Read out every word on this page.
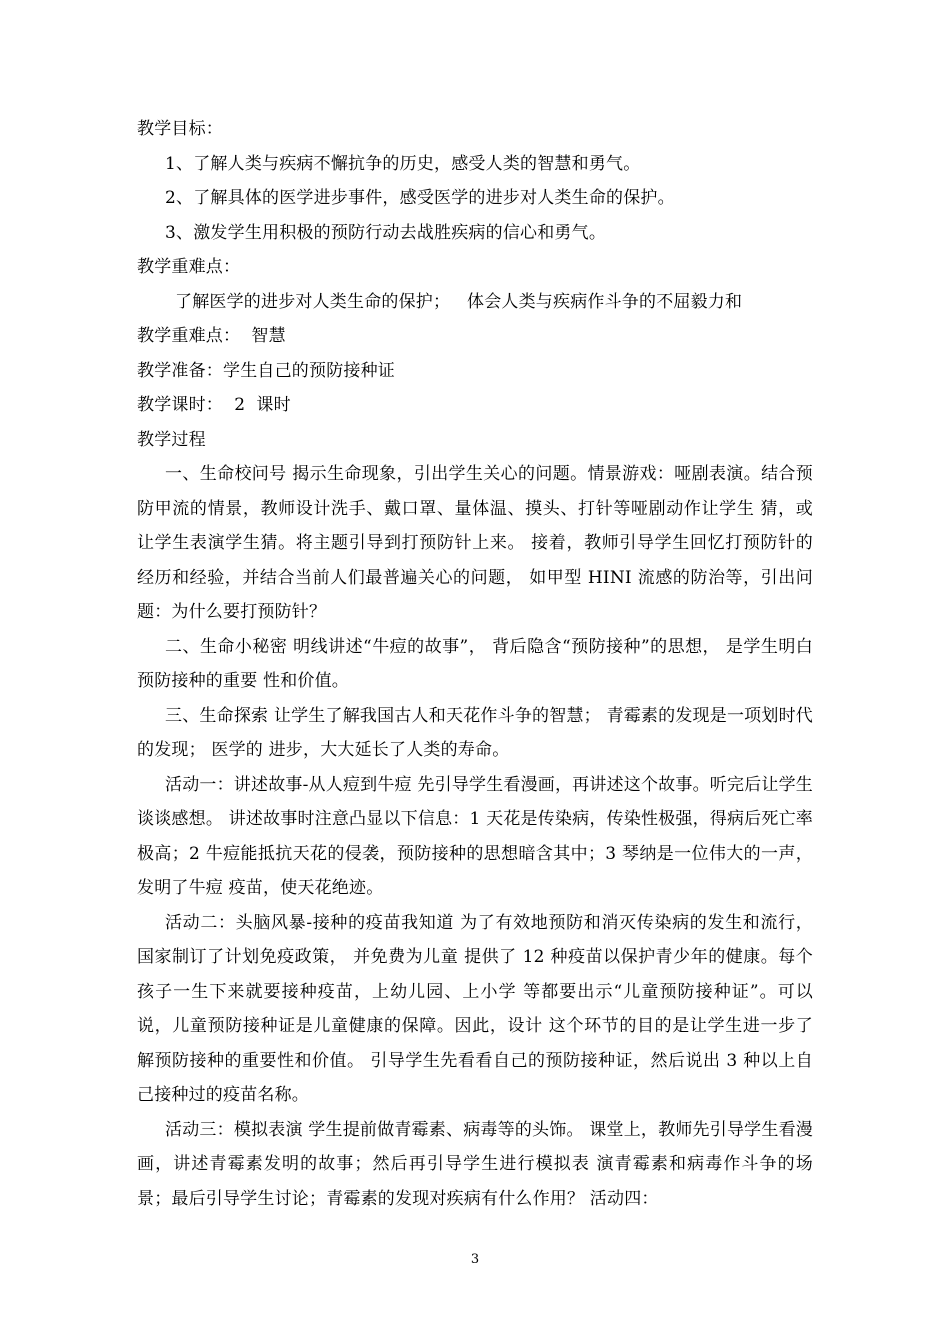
教学目标：

1、了解人类与疾病不懈抗争的历史，感受人类的智慧和勇气。

2、了解具体的医学进步事件，感受医学的进步对人类生命的保护。

3、激发学生用积极的预防行动去战胜疾病的信心和勇气。

教学重难点：

了解医学的进步对人类生命的保护；   体会人类与疾病作斗争的不屈毅力和

教学重难点：  智慧

教学准备：学生自己的预防接种证

教学课时：  2  课时

教学过程

一、生命校问号 揭示生命现象，引出学生关心的问题。情景游戏：哑剧表演。结合预防甲流的情景，教师设计洗手、戴口罩、量体温、摸头、打针等哑剧动作让学生 猜，或让学生表演学生猜。将主题引导到打预防针上来。 接着，教师引导学生回忆打预防针的经历和经验，并结合当前人们最普遍关心的问题， 如甲型 HINI 流感的防治等，引出问题：为什么要打预防针？

二、生命小秘密 明线讲述“牛痘的故事”， 背后隐含“预防接种”的思想， 是学生明白预防接种的重要 性和价值。

三、生命探索 让学生了解我国古人和天花作斗争的智慧； 青霉素的发现是一项划时代的发现； 医学的 进步，大大延长了人类的寿命。

活动一：讲述故事-从人痘到牛痘 先引导学生看漫画，再讲述这个故事。听完后让学生谈谈感想。 讲述故事时注意凸显以下信息：1 天花是传染病，传染性极强，得病后死亡率极高；2 牛痘能抵抗天花的侵袭，预防接种的思想暗含其中；3 琴纳是一位伟大的一声，发明了牛痘 疫苗，使天花绝迹。

活动二：头脑风暴-接种的疫苗我知道 为了有效地预防和消灭传染病的发生和流行， 国家制订了计划免疫政策， 并免费为儿童 提供了 12 种疫苗以保护青少年的健康。每个孩子一生下来就要接种疫苗，上幼儿园、上小学 等都要出示“儿童预防接种证”。可以说，儿童预防接种证是儿童健康的保障。因此，设计 这个环节的目的是让学生进一步了解预防接种的重要性和价值。 引导学生先看看自己的预防接种证，然后说出 3 种以上自己接种过的疫苗名称。

活动三：模拟表演 学生提前做青霉素、病毒等的头饰。 课堂上，教师先引导学生看漫画，讲述青霉素发明的故事；然后再引导学生进行模拟表 演青霉素和病毒作斗争的场景；最后引导学生讨论；青霉素的发现对疾病有什么作用？ 活动四：

3
